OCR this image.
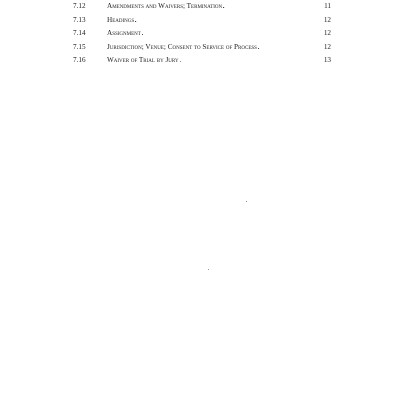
7.12	Amendments and Waivers; Termination . . .	11
7.13	Headings . . .	12
7.14	Assignment . . .	12
7.15	Jurisdiction; Venue; Consent to Service of Process . . .	12
7.16	Waiver of Trial by Jury . . .	13
